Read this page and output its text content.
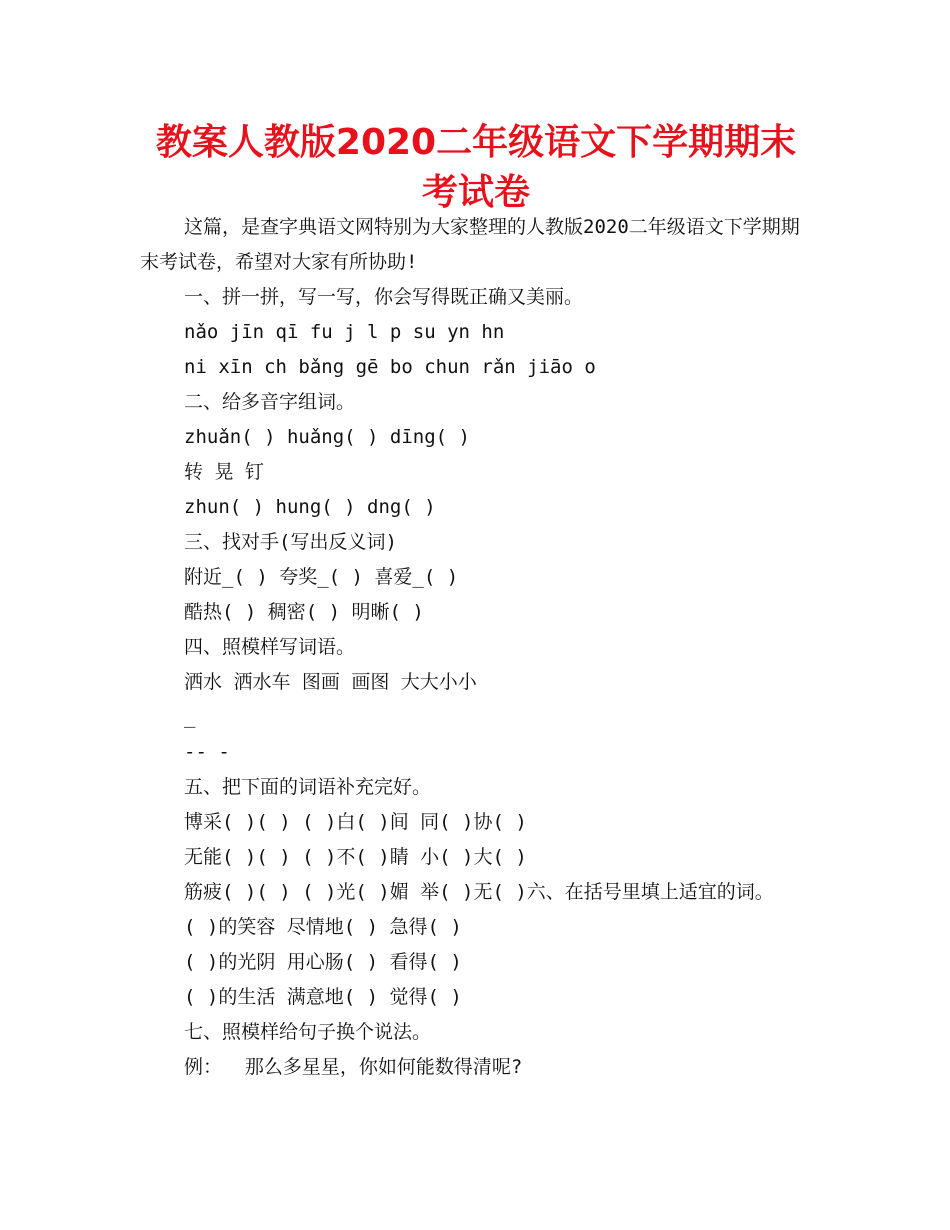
教案人教版2020二年级语文下学期期末考试卷
这篇，是查字典语文网特别为大家整理的人教版2020二年级语文下学期期末考试卷，希望对大家有所协助!
一、拼一拼，写一写，你会写得既正确又美丽。
nǎo jīn qī fu j l p su yn hn
ni xīn ch bǎng gē bo chun rǎn jiāo o
二、给多音字组词。
zhuǎn( ) huǎng( ) dīng( )
转 晃 钉
zhun( ) hung( ) dng( )
三、找对手(写出反义词)
附近_( ) 夸奖_( ) 喜爱_( )
酷热( ) 稠密( ) 明晰( )
四、照模样写词语。
洒水 洒水车 图画 画图 大大小小
_
-- -
五、把下面的词语补充完好。
博采( )( ) ( )白( )间 同( )协( )
无能( )( ) ( )不( )睛 小( )大( )
筋疲( )( ) ( )光( )媚 举( )无( )六、在括号里填上适宜的词。
( )的笑容 尽情地( ) 急得( )
( )的光阴 用心肠( ) 看得( )
( )的生活 满意地( ) 觉得( )
七、照模样给句子换个说法。
例：  那么多星星，你如何能数得清呢?
